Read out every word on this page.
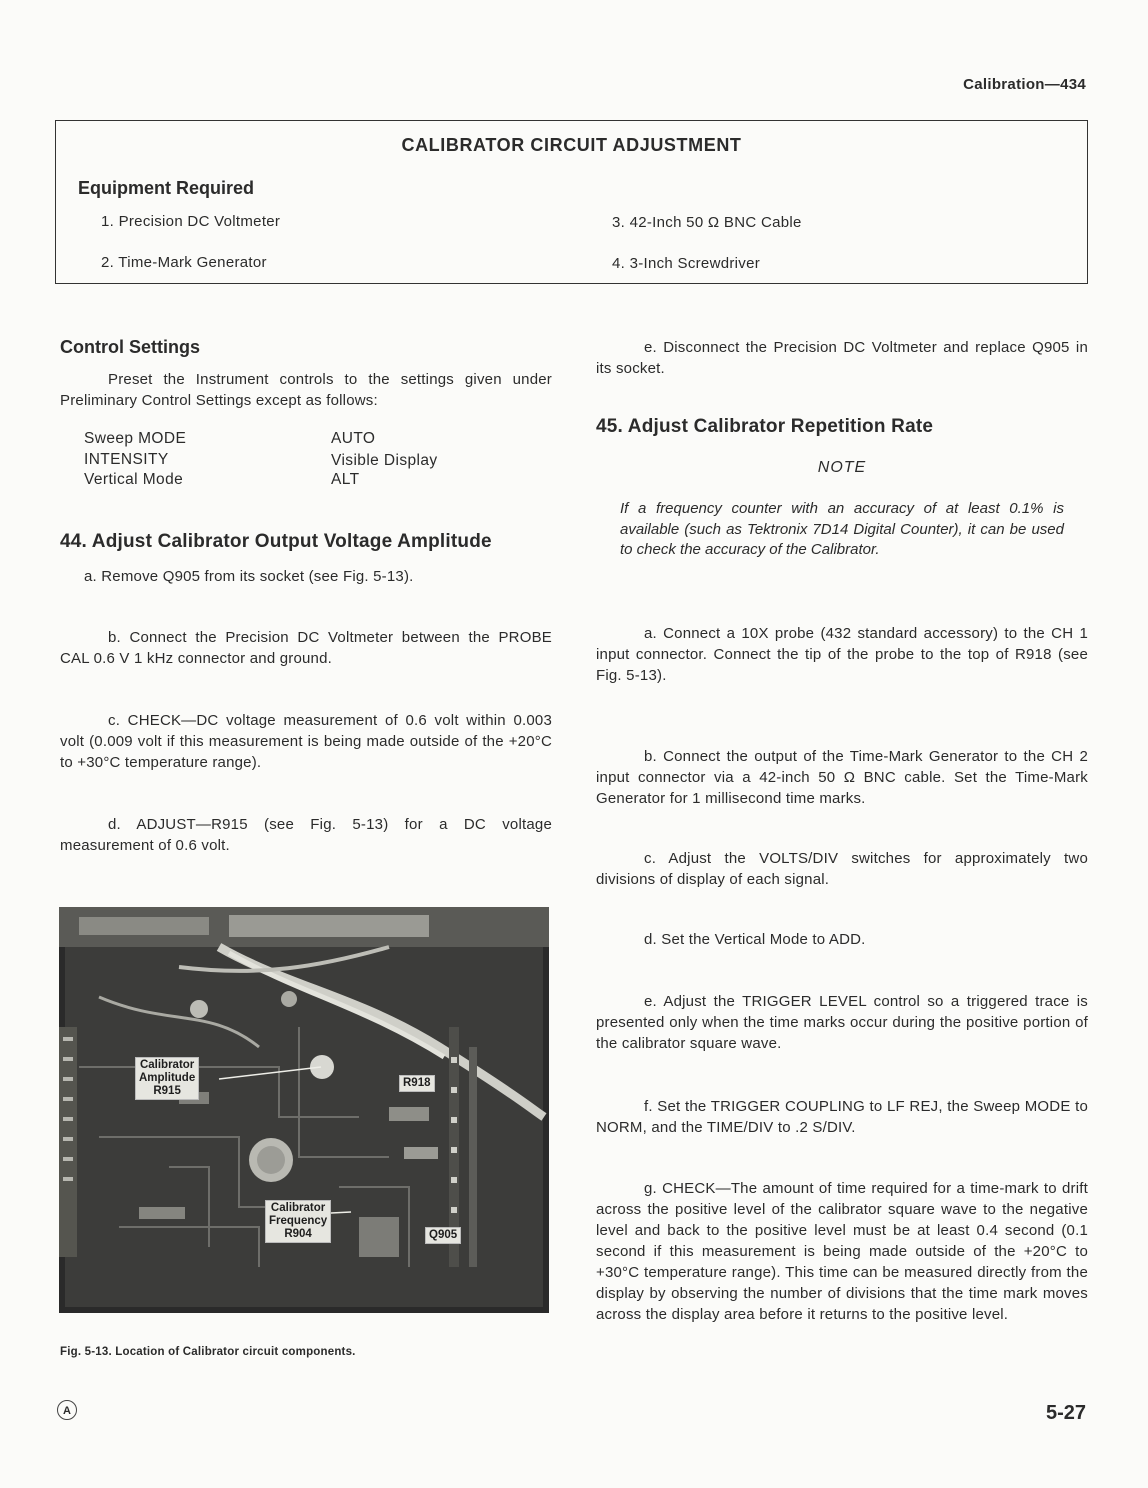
Calibration—434
CALIBRATOR CIRCUIT ADJUSTMENT
Equipment Required
1. Precision DC Voltmeter
2. Time-Mark Generator
3. 42-Inch 50 Ω BNC Cable
4. 3-Inch Screwdriver
Control Settings

Preset the Instrument controls to the settings given under Preliminary Control Settings except as follows:

Sweep MODE	AUTO
INTENSITY	Visible Display
Vertical Mode	ALT
44. Adjust Calibrator Output Voltage Amplitude

a. Remove Q905 from its socket (see Fig. 5-13).

b. Connect the Precision DC Voltmeter between the PROBE CAL 0.6 V 1 kHz connector and ground.

c. CHECK—DC voltage measurement of 0.6 volt within 0.003 volt (0.009 volt if this measurement is being made outside of the +20°C to +30°C temperature range).

d. ADJUST—R915 (see Fig. 5-13) for a DC voltage measurement of 0.6 volt.

Calibrator
Amplitude
R915
R918
Calibrator
Frequency
R904	Q905
Fig. 5-13. Location of Calibrator circuit components.

e. Disconnect the Precision DC Voltmeter and replace Q905 in its socket.

45. Adjust Calibrator Repetition Rate
NOTE

If a frequency counter with an accuracy of at least 0.1% is available (such as Tektronix 7D14 Digital Counter), it can be used to check the accuracy of the Calibrator.

a. Connect a 10X probe (432 standard accessory) to the CH 1 input connector. Connect the tip of the probe to the top of R918 (see Fig. 5-13).

b. Connect the output of the Time-Mark Generator to the CH 2 input connector via a 42-inch 50 Ω BNC cable. Set the Time-Mark Generator for 1 millisecond time marks.

c. Adjust the VOLTS/DIV switches for approximately two divisions of display of each signal.

d. Set the Vertical Mode to ADD.

e. Adjust the TRIGGER LEVEL control so a triggered trace is presented only when the time marks occur during the positive portion of the calibrator square wave.

f. Set the TRIGGER COUPLING to LF REJ, the Sweep MODE to NORM, and the TIME/DIV to .2 S/DIV.

g. CHECK—The amount of time required for a time-mark to drift across the positive level of the calibrator square wave to the negative level and back to the positive level must be at least 0.4 second (0.1 second if this measurement is being made outside of the +20°C to +30°C temperature range). This time can be measured directly from the display by observing the number of divisions that the time mark moves across the display area before it returns to the positive level.

A	5-27
